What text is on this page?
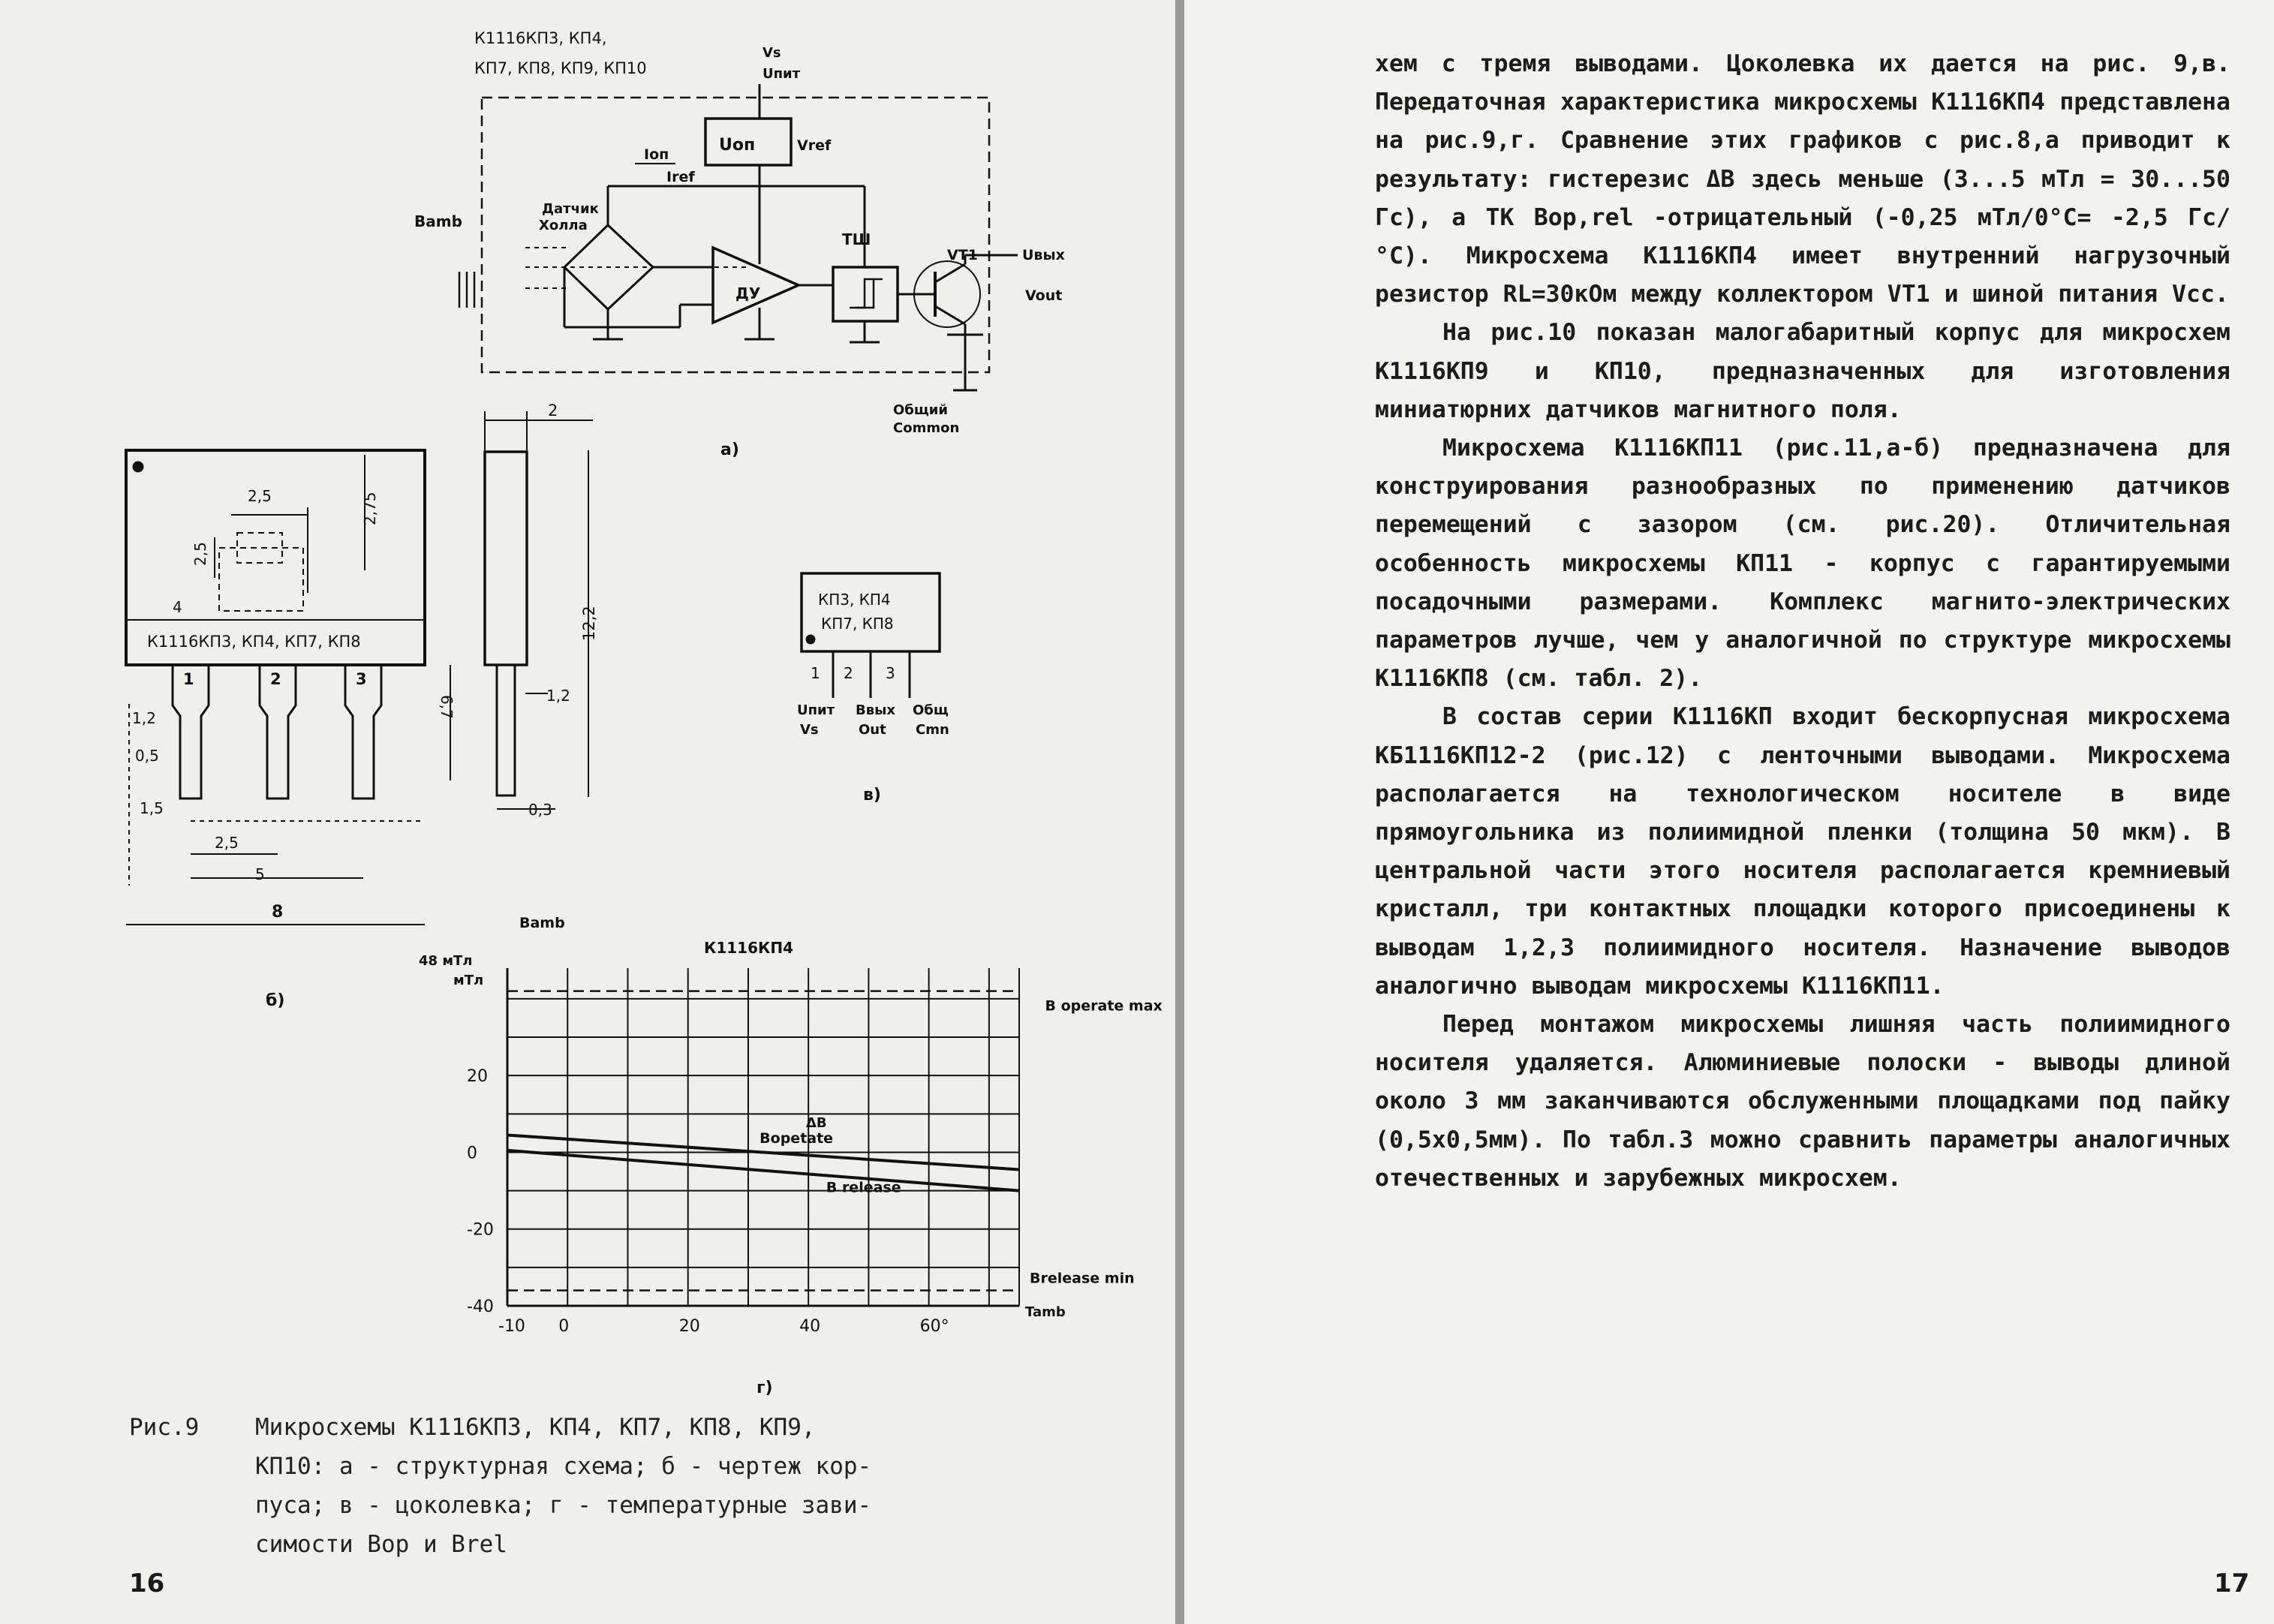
К1116КП3, КП4,
КП7, КП8, КП9, КП10
Vs
Uпит
Uоп	Vref
Iоп
Iref
Bamb
Датчик
Холла
ДУ
ТШ
VT1	Uвых
Vout
Общий
Common
а)
2,5	2,75
2,5
4
К1116КП3, КП4, КП7, КП8
1	2	3
1,2
0,5
1,5
2,5
5
8
6,7
2
12,2
1,2
0,3
б)
КП3, КП4
КП7, КП8
1 2 3
Uпит
Vs
Bвых
Out
Общ
Cmn
в)
Bamb
К1116КП4
48 мТл
мТл
Tamb
г)
ΔB
-10 0	20	40	60°
20
0
-20
-40
Bopetate
B release
B operate max
Brelease min
Рис.9 Микросхемы К1116КП3, КП4, КП7, КП8, КП9,
КП10: а - структурная схема; б - чертеж кор-
пуса; в - цоколевка; г - температурные зави-
симости Bop и Brel
16

хем с тремя выводами. Цоколевка их дается на рис. 9,в. Передаточная характеристика микросхемы К1116КП4 представлена на рис.9,г. Сравнение этих графиков с рис.8,а приводит к результату: гистерезис ΔB здесь меньше (3...5 мТл = 30...50 Гс), а ТК Bop,rel -отрицательный (-0,25 мТл/0°С= -2,5 Гс/°С). Микросхема К1116КП4 имеет внутренний нагрузочный резистор RL=30кОм между коллектором VT1 и шиной питания Vcc.

На рис.10 показан малогабаритный корпус для микросхем К1116КП9 и КП10, предназначенных для изготовления миниатюрних датчиков магнитного поля.

Микросхема К1116КП11 (рис.11,а-б) предназначена для конструирования разнообразных по применению датчиков перемещений с зазором (см. рис.20). Отличительная особенность микросхемы КП11 - корпус с гарантируемыми посадочными размерами. Комплекс магнито-электрических параметров лучше, чем у аналогичной по структуре микросхемы К1116КП8 (см. табл. 2).

В состав серии К1116КП входит бескорпусная микросхема КБ1116КП12-2 (рис.12) с ленточными выводами. Микросхема располагается на технологическом носителе в виде прямоугольника из полиимидной пленки (толщина 50 мкм). В центральной части этого носителя располагается кремниевый кристалл, три контактных площадки которого присоединены к выводам 1,2,3 полиимидного носителя. Назначение выводов аналогично выводам микросхемы К1116КП11.

Перед монтажом микросхемы лишняя часть полиимидного носителя удаляется. Алюминиевые полоски - выводы длиной около 3 мм заканчиваются обслуженными площадками под пайку (0,5х0,5мм). По табл.3 можно сравнить параметры аналогичных отечественных и зарубежных микросхем.

17
